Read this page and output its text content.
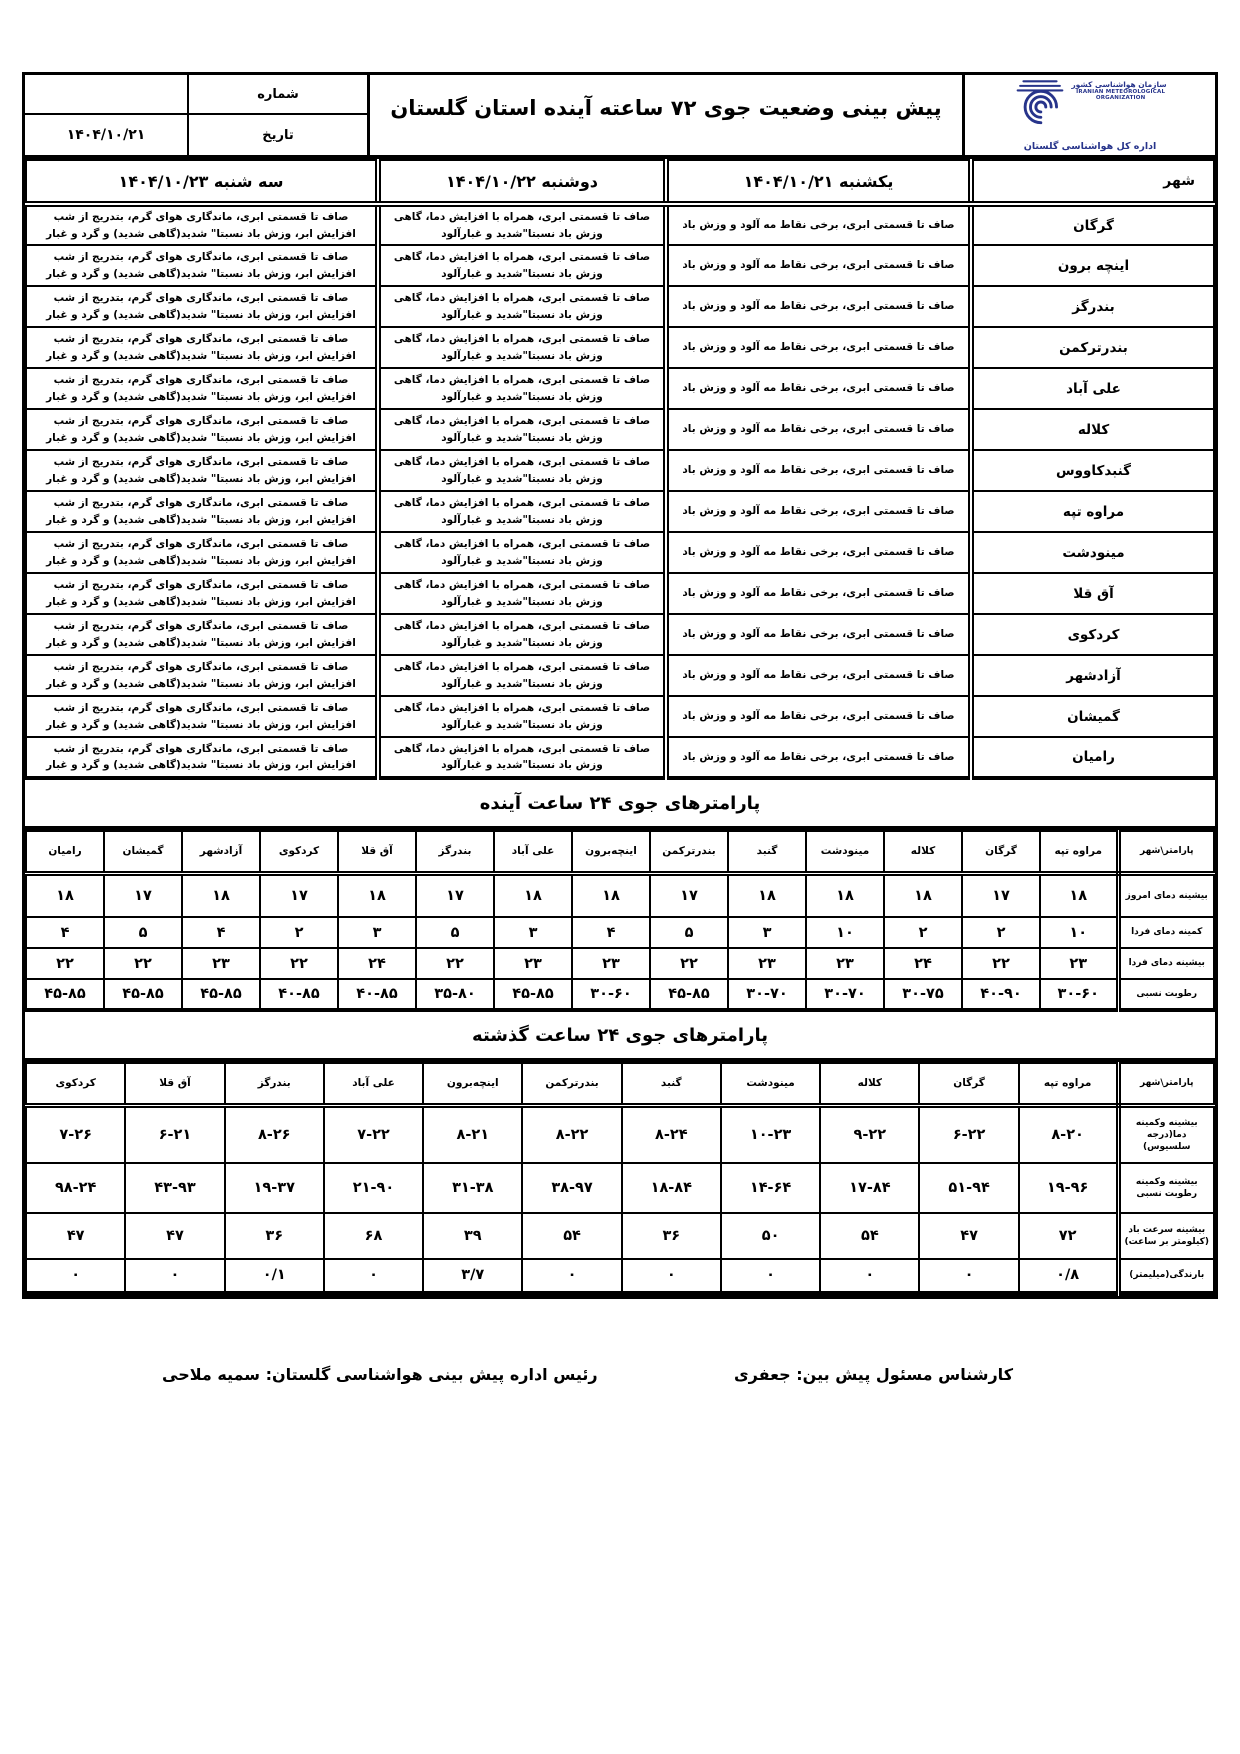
سازمان هواشناسی کشور
IRANIAN METEOROLOGICAL ORGANIZATION
اداره کل هواشناسی گلستان
پیش بینی وضعیت جوی ۷۲ ساعته آینده استان گلستان
شماره
تاریخ
۱۴۰۴/۱۰/۲۱
شهر	یکشنبه ۱۴۰۴/۱۰/۲۱	دوشنبه ۱۴۰۴/۱۰/۲۲	سه شنبه ۱۴۰۴/۱۰/۲۳
گرگان	صاف تا قسمتی ابری، برخی نقاط مه آلود و وزش باد	صاف تا قسمتی ابری، همراه با افزایش دما، گاهی وزش باد نسبتا"شدید و غبارآلود	صاف تا قسمتی ابری، ماندگاری هوای گرم، بتدریج از شب افزایش ابر، وزش باد نسبتا" شدید(گاهی شدید) و گرد و غبار
اینچه برون	صاف تا قسمتی ابری، برخی نقاط مه آلود و وزش باد	صاف تا قسمتی ابری، همراه با افزایش دما، گاهی وزش باد نسبتا"شدید و غبارآلود	صاف تا قسمتی ابری، ماندگاری هوای گرم، بتدریج از شب افزایش ابر، وزش باد نسبتا" شدید(گاهی شدید) و گرد و غبار
بندرگز	صاف تا قسمتی ابری، برخی نقاط مه آلود و وزش باد	صاف تا قسمتی ابری، همراه با افزایش دما، گاهی وزش باد نسبتا"شدید و غبارآلود	صاف تا قسمتی ابری، ماندگاری هوای گرم، بتدریج از شب افزایش ابر، وزش باد نسبتا" شدید(گاهی شدید) و گرد و غبار
بندرترکمن	صاف تا قسمتی ابری، برخی نقاط مه آلود و وزش باد	صاف تا قسمتی ابری، همراه با افزایش دما، گاهی وزش باد نسبتا"شدید و غبارآلود	صاف تا قسمتی ابری، ماندگاری هوای گرم، بتدریج از شب افزایش ابر، وزش باد نسبتا" شدید(گاهی شدید) و گرد و غبار
علی آباد	صاف تا قسمتی ابری، برخی نقاط مه آلود و وزش باد	صاف تا قسمتی ابری، همراه با افزایش دما، گاهی وزش باد نسبتا"شدید و غبارآلود	صاف تا قسمتی ابری، ماندگاری هوای گرم، بتدریج از شب افزایش ابر، وزش باد نسبتا" شدید(گاهی شدید) و گرد و غبار
کلاله	صاف تا قسمتی ابری، برخی نقاط مه آلود و وزش باد	صاف تا قسمتی ابری، همراه با افزایش دما، گاهی وزش باد نسبتا"شدید و غبارآلود	صاف تا قسمتی ابری، ماندگاری هوای گرم، بتدریج از شب افزایش ابر، وزش باد نسبتا" شدید(گاهی شدید) و گرد و غبار
گنبدکاووس	صاف تا قسمتی ابری، برخی نقاط مه آلود و وزش باد	صاف تا قسمتی ابری، همراه با افزایش دما، گاهی وزش باد نسبتا"شدید و غبارآلود	صاف تا قسمتی ابری، ماندگاری هوای گرم، بتدریج از شب افزایش ابر، وزش باد نسبتا" شدید(گاهی شدید) و گرد و غبار
مراوه تپه	صاف تا قسمتی ابری، برخی نقاط مه آلود و وزش باد	صاف تا قسمتی ابری، همراه با افزایش دما، گاهی وزش باد نسبتا"شدید و غبارآلود	صاف تا قسمتی ابری، ماندگاری هوای گرم، بتدریج از شب افزایش ابر، وزش باد نسبتا" شدید(گاهی شدید) و گرد و غبار
مینودشت	صاف تا قسمتی ابری، برخی نقاط مه آلود و وزش باد	صاف تا قسمتی ابری، همراه با افزایش دما، گاهی وزش باد نسبتا"شدید و غبارآلود	صاف تا قسمتی ابری، ماندگاری هوای گرم، بتدریج از شب افزایش ابر، وزش باد نسبتا" شدید(گاهی شدید) و گرد و غبار
آق قلا	صاف تا قسمتی ابری، برخی نقاط مه آلود و وزش باد	صاف تا قسمتی ابری، همراه با افزایش دما، گاهی وزش باد نسبتا"شدید و غبارآلود	صاف تا قسمتی ابری، ماندگاری هوای گرم، بتدریج از شب افزایش ابر، وزش باد نسبتا" شدید(گاهی شدید) و گرد و غبار
کردکوی	صاف تا قسمتی ابری، برخی نقاط مه آلود و وزش باد	صاف تا قسمتی ابری، همراه با افزایش دما، گاهی وزش باد نسبتا"شدید و غبارآلود	صاف تا قسمتی ابری، ماندگاری هوای گرم، بتدریج از شب افزایش ابر، وزش باد نسبتا" شدید(گاهی شدید) و گرد و غبار
آزادشهر	صاف تا قسمتی ابری، برخی نقاط مه آلود و وزش باد	صاف تا قسمتی ابری، همراه با افزایش دما، گاهی وزش باد نسبتا"شدید و غبارآلود	صاف تا قسمتی ابری، ماندگاری هوای گرم، بتدریج از شب افزایش ابر، وزش باد نسبتا" شدید(گاهی شدید) و گرد و غبار
گمیشان	صاف تا قسمتی ابری، برخی نقاط مه آلود و وزش باد	صاف تا قسمتی ابری، همراه با افزایش دما، گاهی وزش باد نسبتا"شدید و غبارآلود	صاف تا قسمتی ابری، ماندگاری هوای گرم، بتدریج از شب افزایش ابر، وزش باد نسبتا" شدید(گاهی شدید) و گرد و غبار
رامیان	صاف تا قسمتی ابری، برخی نقاط مه آلود و وزش باد	صاف تا قسمتی ابری، همراه با افزایش دما، گاهی وزش باد نسبتا"شدید و غبارآلود	صاف تا قسمتی ابری، ماندگاری هوای گرم، بتدریج از شب افزایش ابر، وزش باد نسبتا" شدید(گاهی شدید) و گرد و غبار
پارامترهای جوی ۲۴ ساعت آینده
پارامتر\شهر	مراوه تپه	گرگان	کلاله	مینودشت	گنبد	بندرترکمن	اینچه‌برون	علی آباد	بندرگز	آق قلا	کردکوی	آزادشهر	گمیشان	رامیان
بیشینه دمای امروز	۱۸	۱۷	۱۸	۱۸	۱۸	۱۷	۱۸	۱۸	۱۷	۱۸	۱۷	۱۸	۱۷	۱۸
کمینه دمای فردا	۱۰	۲	۲	۱۰	۳	۵	۴	۳	۵	۳	۲	۴	۵	۴
بیشینه دمای فردا	۲۳	۲۲	۲۴	۲۳	۲۳	۲۲	۲۳	۲۳	۲۲	۲۴	۲۲	۲۳	۲۲	۲۲
رطوبت نسبی	۳۰-۶۰	۴۰-۹۰	۳۰-۷۵	۳۰-۷۰	۳۰-۷۰	۴۵-۸۵	۳۰-۶۰	۴۵-۸۵	۳۵-۸۰	۴۰-۸۵	۴۰-۸۵	۴۵-۸۵	۴۵-۸۵	۴۵-۸۵
پارامترهای جوی ۲۴ ساعت گذشته
پارامتر\شهر	مراوه تپه	گرگان	کلاله	مینودشت	گنبد	بندرترکمن	اینچه‌برون	علی آباد	بندرگز	آق قلا	کردکوی
بیشینه وکمینه دما(درجه سلسیوس)	۸-۲۰	۶-۲۲	۹-۲۲	۱۰-۲۳	۸-۲۴	۸-۲۲	۸-۲۱	۷-۲۲	۸-۲۶	۶-۲۱	۷-۲۶
بیشینه وکمینه رطوبت نسبی	۱۹-۹۶	۵۱-۹۴	۱۷-۸۴	۱۴-۶۴	۱۸-۸۴	۳۸-۹۷	۳۱-۳۸	۲۱-۹۰	۱۹-۳۷	۴۳-۹۳	۹۸-۲۴
بیشینه سرعت باد (کیلومتر بر ساعت)	۷۲	۴۷	۵۴	۵۰	۳۶	۵۴	۳۹	۶۸	۳۶	۴۷	۴۷
بارندگی(میلیمتر)	۰/۸	۰	۰	۰	۰	۰	۳/۷	۰	۰/۱	۰	۰
کارشناس مسئول پیش بین: جعفری
رئیس اداره پیش بینی هواشناسی گلستان: سمیه ملاحی
